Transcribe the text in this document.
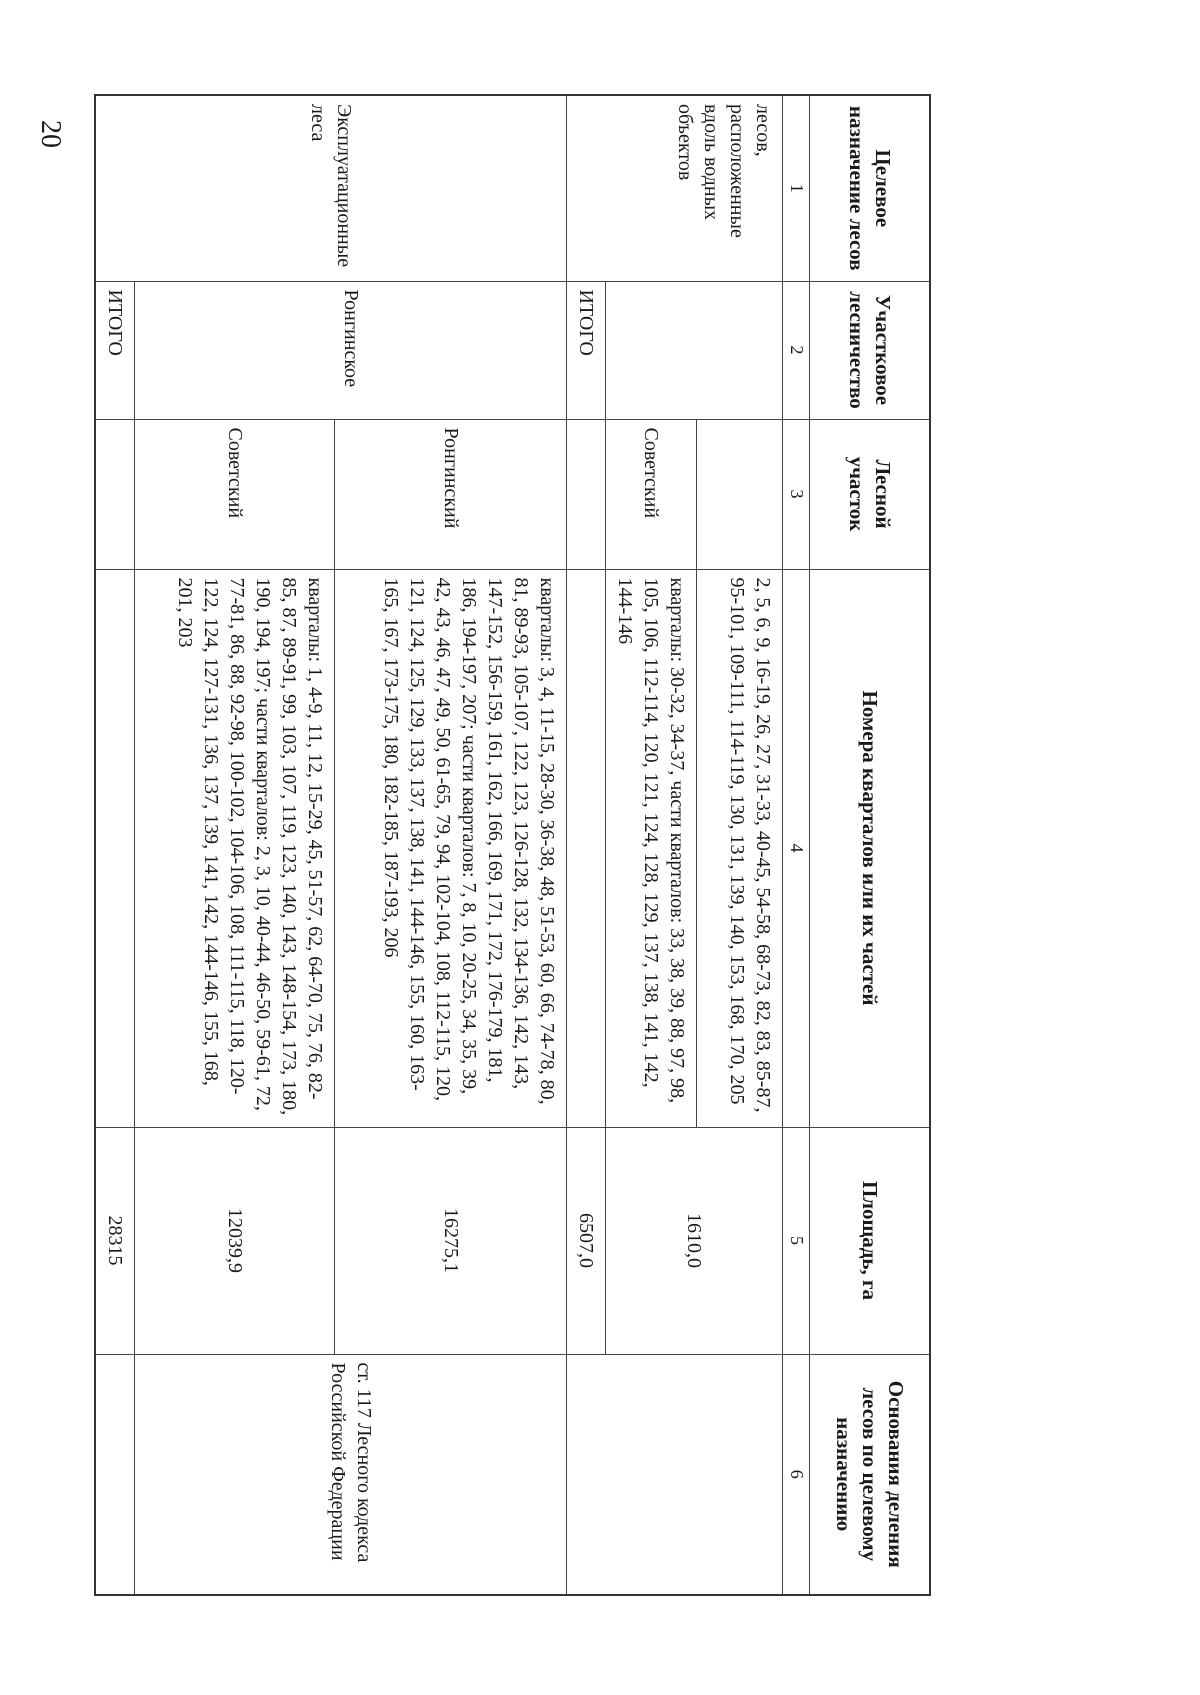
20
Целевое назначение лесов	Участковое лесничество	Лесной участок	Номера кварталов или их частей	Площадь, га	Основания деления лесов по целевому назначению
1	2	3	4	5	6
лесов, расположенные вдоль водных объектов			2, 5, 6, 9, 16-19, 26, 27, 31-33, 40-45, 54-58, 68-73, 82, 83, 85-87, 95-101, 109-111, 114-119, 130, 131, 139, 140, 153, 168, 170, 205	1610,0	
		Советский	кварталы: 30-32, 34-37, части кварталов: 33, 38, 39, 88, 97, 98, 105, 106, 112-114, 120, 121, 124, 128, 129, 137, 138, 141, 142, 144-146		
	ИТОГО			6507,0	
Эксплуатационные леса	Ронгинское	Ронгинский	кварталы: 3, 4, 11-15, 28-30, 36-38, 48, 51-53, 60, 66, 74-78, 80, 81, 89-93, 105-107, 122, 123, 126-128, 132, 134-136, 142, 143, 147-152, 156-159, 161, 162, 166, 169, 171, 172, 176-179, 181, 186, 194-197, 207; части кварталов: 7, 8, 10, 20-25, 34, 35, 39, 42, 43, 46, 47, 49, 50, 61-65, 79, 94, 102-104, 108, 112-115, 120, 121, 124, 125, 129, 133, 137, 138, 141, 144-146, 155, 160, 163-165, 167, 173-175, 180, 182-185, 187-193, 206	16275,1	ст. 117 Лесного кодекса Российской Федерации
		Советский	кварталы: 1, 4-9, 11, 12, 15-29, 45, 51-57, 62, 64-70, 75, 76, 82-85, 87, 89-91, 99, 103, 107, 119, 123, 140, 143, 148-154, 173, 180, 190, 194, 197; части кварталов: 2, 3, 10, 40-44, 46-50, 59-61, 72, 77-81, 86, 88, 92-98, 100-102, 104-106, 108, 111-115, 118, 120-122, 124, 127-131, 136, 137, 139, 141, 142, 144-146, 155, 168, 201, 203	12039,9	
	ИТОГО			28315	
